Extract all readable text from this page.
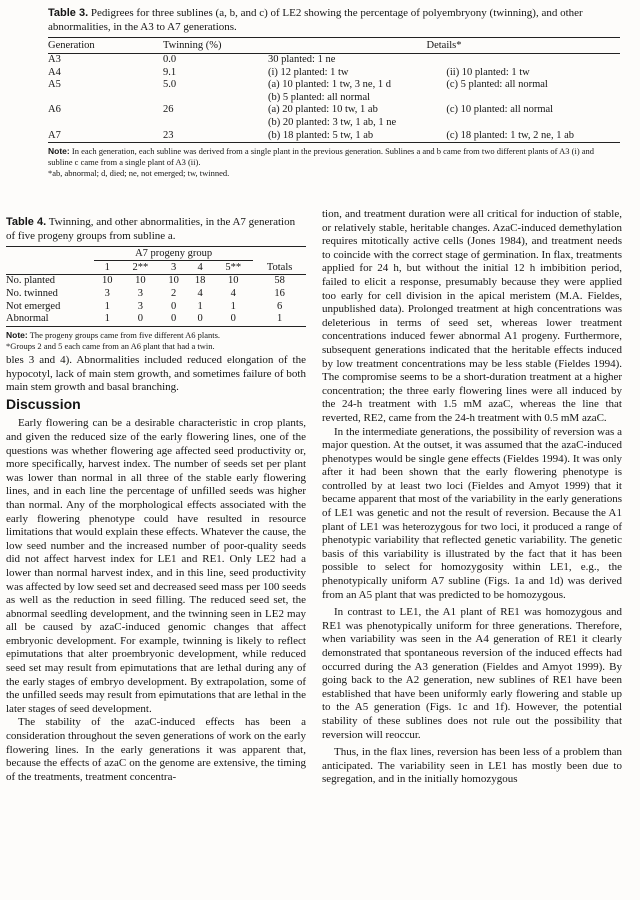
Table 3. Pedigrees for three sublines (a, b, and c) of LE2 showing the percentage of polyembryony (twinning), and other abnormalities, in the A3 to A7 generations.

Generation	Twinning (%)	Details*	
A3	0.0	30 planted: 1 ne	
A4	9.1	(i) 12 planted: 1 tw	(ii) 10 planted: 1 tw
A5	5.0	(a) 10 planted: 1 tw, 3 ne, 1 d	(c) 5 planted: all normal
		(b) 5 planted: all normal	
A6	26	(a) 20 planted: 10 tw, 1 ab	(c) 10 planted: all normal
		(b) 20 planted: 3 tw, 1 ab, 1 ne	
A7	23	(b) 18 planted: 5 tw, 1 ab	(c) 18 planted: 1 tw, 2 ne, 1 ab
Note: In each generation, each subline was derived from a single plant in the previous generation. Sublines a and b came from two different plants of A3 (i) and subline c came from a single plant of A3 (ii).
*ab, abnormal; d, died; ne, not emerged; tw, twinned.

Table 4. Twinning, and other abnormalities, in the A7 generation of five progeny groups from subline a.

	A7 progeny group					
	1	2**	3	4	5**	Totals
No. planted	10	10	10	18	10	58
No. twinned	3	3	2	4	4	16
Not emerged	1	3	0	1	1	6
Abnormal	1	0	0	0	0	1
Note: The progeny groups came from five different A6 plants.
*Groups 2 and 5 each came from an A6 plant that had a twin.

bles 3 and 4). Abnormalities included reduced elongation of the hypocotyl, lack of main stem growth, and sometimes failure of both main stem growth and basal branching.

Discussion

Early flowering can be a desirable characteristic in crop plants, and given the reduced size of the early flowering lines, one of the questions was whether flowering age affected seed productivity or, more specifically, harvest index. The number of seeds set per plant was lower than normal in all three of the stable early flowering lines, and in each line the percentage of unfilled seeds was higher than normal. Any of the morphological effects associated with the early flowering phenotype could have resulted in resource limitations that would explain these effects. Whatever the cause, the low seed number and the increased number of poor-quality seeds did not affect harvest index for LE1 and RE1. Only LE2 had a lower than normal harvest index, and in this line, seed productivity was affected by low seed set and decreased seed mass per 100 seeds as well as the reduction in seed filling. The reduced seed set, the abnormal seedling development, and the twinning seen in LE2 may all be caused by azaC-induced genomic changes that affect embryonic development. For example, twinning is likely to reflect epimutations that alter proembryonic development, while reduced seed set may result from epimutations that are lethal during any of the early stages of embryo development. By extrapolation, some of the unfilled seeds may result from epimutations that are lethal in the later stages of seed development.

The stability of the azaC-induced effects has been a consideration throughout the seven generations of work on the early flowering lines. In the early generations it was apparent that, because the effects of azaC on the genome are extensive, the timing of the treatments, treatment concentra-

tion, and treatment duration were all critical for induction of stable, or relatively stable, heritable changes. AzaC-induced demethylation requires mitotically active cells (Jones 1984), and treatment needs to coincide with the correct stage of germination. In flax, treatments applied for 24 h, but without the initial 12 h imbibition period, failed to elicit a response, presumably because they were applied too early for cell division in the apical meristem (M.A. Fieldes, unpublished data). Prolonged treatment at high concentrations was deleterious in terms of seed set, whereas lower treatment concentrations induced fewer abnormal A1 progeny. Furthermore, subsequent generations indicated that the heritable effects induced by low treatment concentrations may be less stable (Fieldes 1994). The compromise seems to be a short-duration treatment at a higher concentration; the three early flowering lines were all induced by the 24-h treatment with 1.5 mM azaC, whereas the line that reverted, RE2, came from the 24-h treatment with 0.5 mM azaC.

In the intermediate generations, the possibility of reversion was a major question. At the outset, it was assumed that the azaC-induced phenotypes would be single gene effects (Fieldes 1994). It was only after it had been shown that the early flowering phenotype is controlled by at least two loci (Fieldes and Amyot 1999) that it became apparent that most of the variability in the early generations of LE1 was genetic and not the result of reversion. Because the A1 plant of LE1 was heterozygous for two loci, it produced a range of phenotypic variability that reflected genetic variability. The genetic basis of this variability is illustrated by the fact that it has been possible to select for homozygosity within LE1, e.g., the phenotypically uniform A7 subline (Figs. 1a and 1d) was derived from an A5 plant that was predicted to be homozygous.

In contrast to LE1, the A1 plant of RE1 was homozygous and RE1 was phenotypically uniform for three generations. Therefore, when variability was seen in the A4 generation of RE1 it clearly demonstrated that spontaneous reversion of the induced effects had occurred during the A3 generation (Fieldes and Amyot 1999). By going back to the A2 generation, new sublines of RE1 have been established that have been uniformly early flowering and stable up to the A5 generation (Figs. 1c and 1f). However, the potential stability of these sublines does not rule out the possibility that reversion will reoccur.

Thus, in the flax lines, reversion has been less of a problem than anticipated. The variability seen in LE1 has mostly been due to segregation, and in the initially homozygous
